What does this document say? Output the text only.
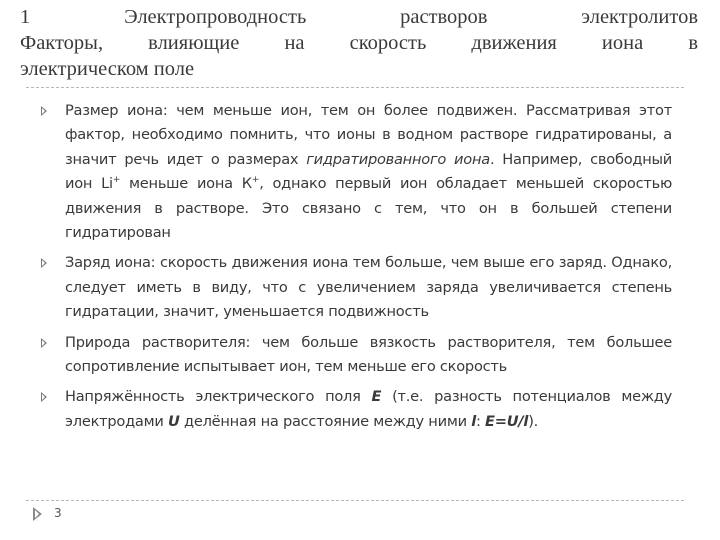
1 Электропроводность растворов электролитов
Факторы, влияющие на скорость движения иона в
электрическом поле
Размер иона: чем меньше ион, тем он более подвижен. Рассматривая этот фактор, необходимо помнить, что ионы в водном растворе гидратированы, а значит речь идет о размерах гидратированного иона. Например, свободный ион Li+ меньше иона К+, однако первый ион обладает меньшей скоростью движения в растворе. Это связано с тем, что он в большей степени гидратирован
Заряд иона: скорость движения иона тем больше, чем выше его заряд. Однако, следует иметь в виду, что с увеличением заряда увеличивается степень гидратации, значит, уменьшается подвижность
Природа растворителя: чем больше вязкость растворителя, тем большее сопротивление испытывает ион, тем меньше его скорость
Напряжённость электрического поля E (т.е. разность потенциалов между электродами U делённая на расстояние между ними l: E=U/l).
3
